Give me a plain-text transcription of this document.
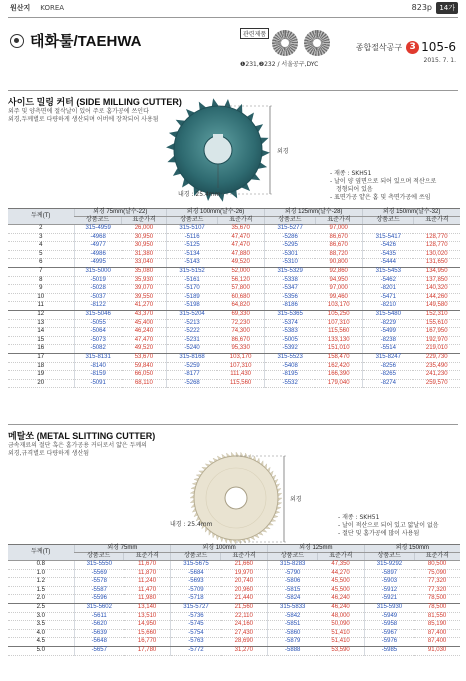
원산지 KOREA	823p	14가
태화툴/TAEHWA	관련제품
❶231,❷232 / 서울공구,DYC
종합절삭공구 3 105-6
2015. 7. 1.
사이드 밀링 커터 (SIDE MILLING CUTTER)
외주 및 양측면에 절삭날이 있어 주로 홈가공에 쓰인다
외경,두께별로 다량하게 생산되며 어버에 장착되어 사용됨
외경
내경 : 25.4mm
- 재종 : SKH51
- 날이 양 옆면으로 되어 있으며 적산으로
정형되어 있음
- 표면가공 얕은 홈 및 측면가공에 쓰임
두께(T)	외경 75mm(날수-22)		외경 100mm(날수-26)		외경 125mm(날수-28)		외경 150mm(날수-32)	
	상품코드	표준가격	상품코드	표준가격	상품코드	표준가격	상품코드	표준가격
2	315-4959	26,000	315-5107	35,670	315-5277	97,000		
3	-4968	30,950	-5116	47,470	-5286	86,670	315-5417	128,770
4	-4977	30,950	-5125	47,470	-5295	86,670	-5426	128,770
5	-4986	31,380	-5134	47,880	-5301	88,720	-5435	130,020
6	-4995	33,040	-5143	49,520	-5310	90,800	-5444	131,650
7	315-5000	35,080	315-5152	52,000	315-5329	92,860	315-5453	134,950
8	-5019	35,930	-5161	56,120	-5338	94,950	-5462	137,850
9	-5028	39,070	-5170	57,800	-5347	97,000	-8201	140,320
10	-5037	39,550	-5189	60,680	-5356	99,460	-5471	144,260
11	-8122	41,270	-5198	64,820	-8186	103,170	-8210	149,580
12	315-5046	43,370	315-5204	69,330	315-5365	105,250	315-5480	152,310
13	-5055	45,400	-5213	72,230	-5374	107,310	-8229	155,610
14	-5064	46,240	-5222	74,300	-5383	115,560	-5499	167,950
15	-5073	47,470	-5231	86,670	-5005	133,130	-8238	192,970
16	-5082	49,520	-5240	95,330	-5392	151,010	-5514	219,010
17	315-8131	53,670	315-8168	103,170	315-5523	158,470	315-8247	229,730
18	-8140	59,840	-5259	107,310	-5408	162,420	-8256	235,490
19	-8159	66,050	-8177	111,430	-8195	166,390	-8265	241,230
20	-5091	68,110	-5268	115,560	-5532	179,040	-8274	259,570
메탈쏘 (METAL SLITTING CUTTER)
금속재료의 절단 혹은 홈가공용 커터로서 얇은 두께의
외경,규격별로 다량하게 생산됨
외경
내경 : 25.4mm
- 재종 : SKH51
- 날이 적산으로 되어 있고 얇날이 없음
- 절단 및 홈가공에 많이 사용됨
두께(T)	외경 75mm		외경 100mm		외경 125mm		외경 150mm	
	상품코드	표준가격	상품코드	표준가격	상품코드	표준가격	상품코드	표준가격
0.8	315-5550	11,670	315-5675	21,660	315-8283	47,350	315-9292	80,500
1.0	-5569	11,870	-5684	19,970	-5790	44,270	-5897	75,090
1.2	-5578	11,240	-5693	20,740	-5806	45,500	-5903	77,320
1.5	-5587	11,470	-5709	20,960	-5815	45,500	-5912	77,320
2.0	-5596	11,980	-5718	21,440	-5824	46,240	-5921	78,500
2.5	315-5602	13,140	315-5727	21,560	315-5833	46,240	315-5930	78,500
3.0	-5611	13,510	-5736	22,110	-5842	48,000	-5949	81,550
3.5	-5620	14,950	-5745	24,160	-5851	50,090	-5958	85,190
4.0	-5639	15,660	-5754	27,430	-5860	51,410	-5967	87,400
4.5	-5648	16,770	-5763	28,690	-5879	51,410	-5976	87,400
5.0	-5657	17,780	-5772	31,270	-5888	53,590	-5985	91,030
